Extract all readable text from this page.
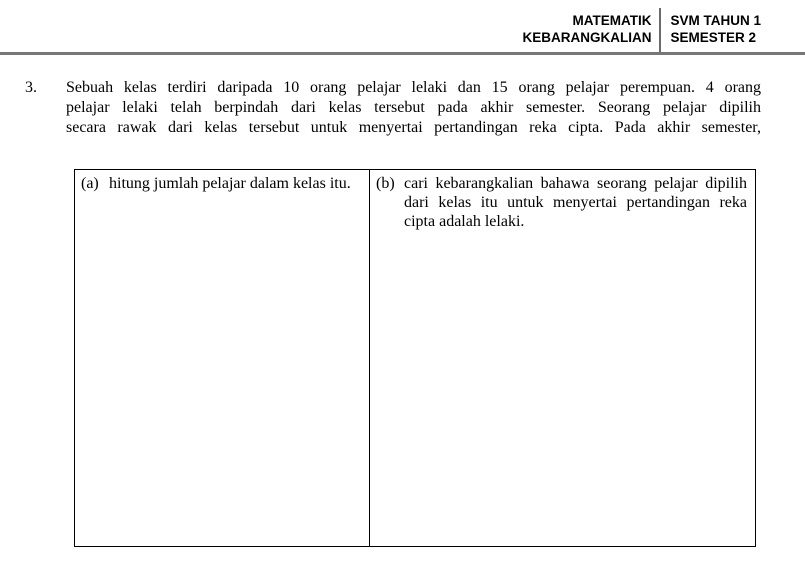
MATEMATIK
KEBARANGKALIAN
SVM TAHUN 1
SEMESTER 2
3. Sebuah kelas terdiri daripada 10 orang pelajar lelaki dan 15 orang pelajar perempuan. 4 orang
pelajar lelaki telah berpindah dari kelas tersebut pada akhir semester. Seorang pelajar dipilih
secara rawak dari kelas tersebut untuk menyertai pertandingan reka cipta. Pada akhir semester,
(a) hitung jumlah pelajar dalam kelas itu.	(b) cari kebarangkalian bahawa seorang pelajar dipilih dari kelas itu untuk menyertai pertandingan reka cipta adalah lelaki.
